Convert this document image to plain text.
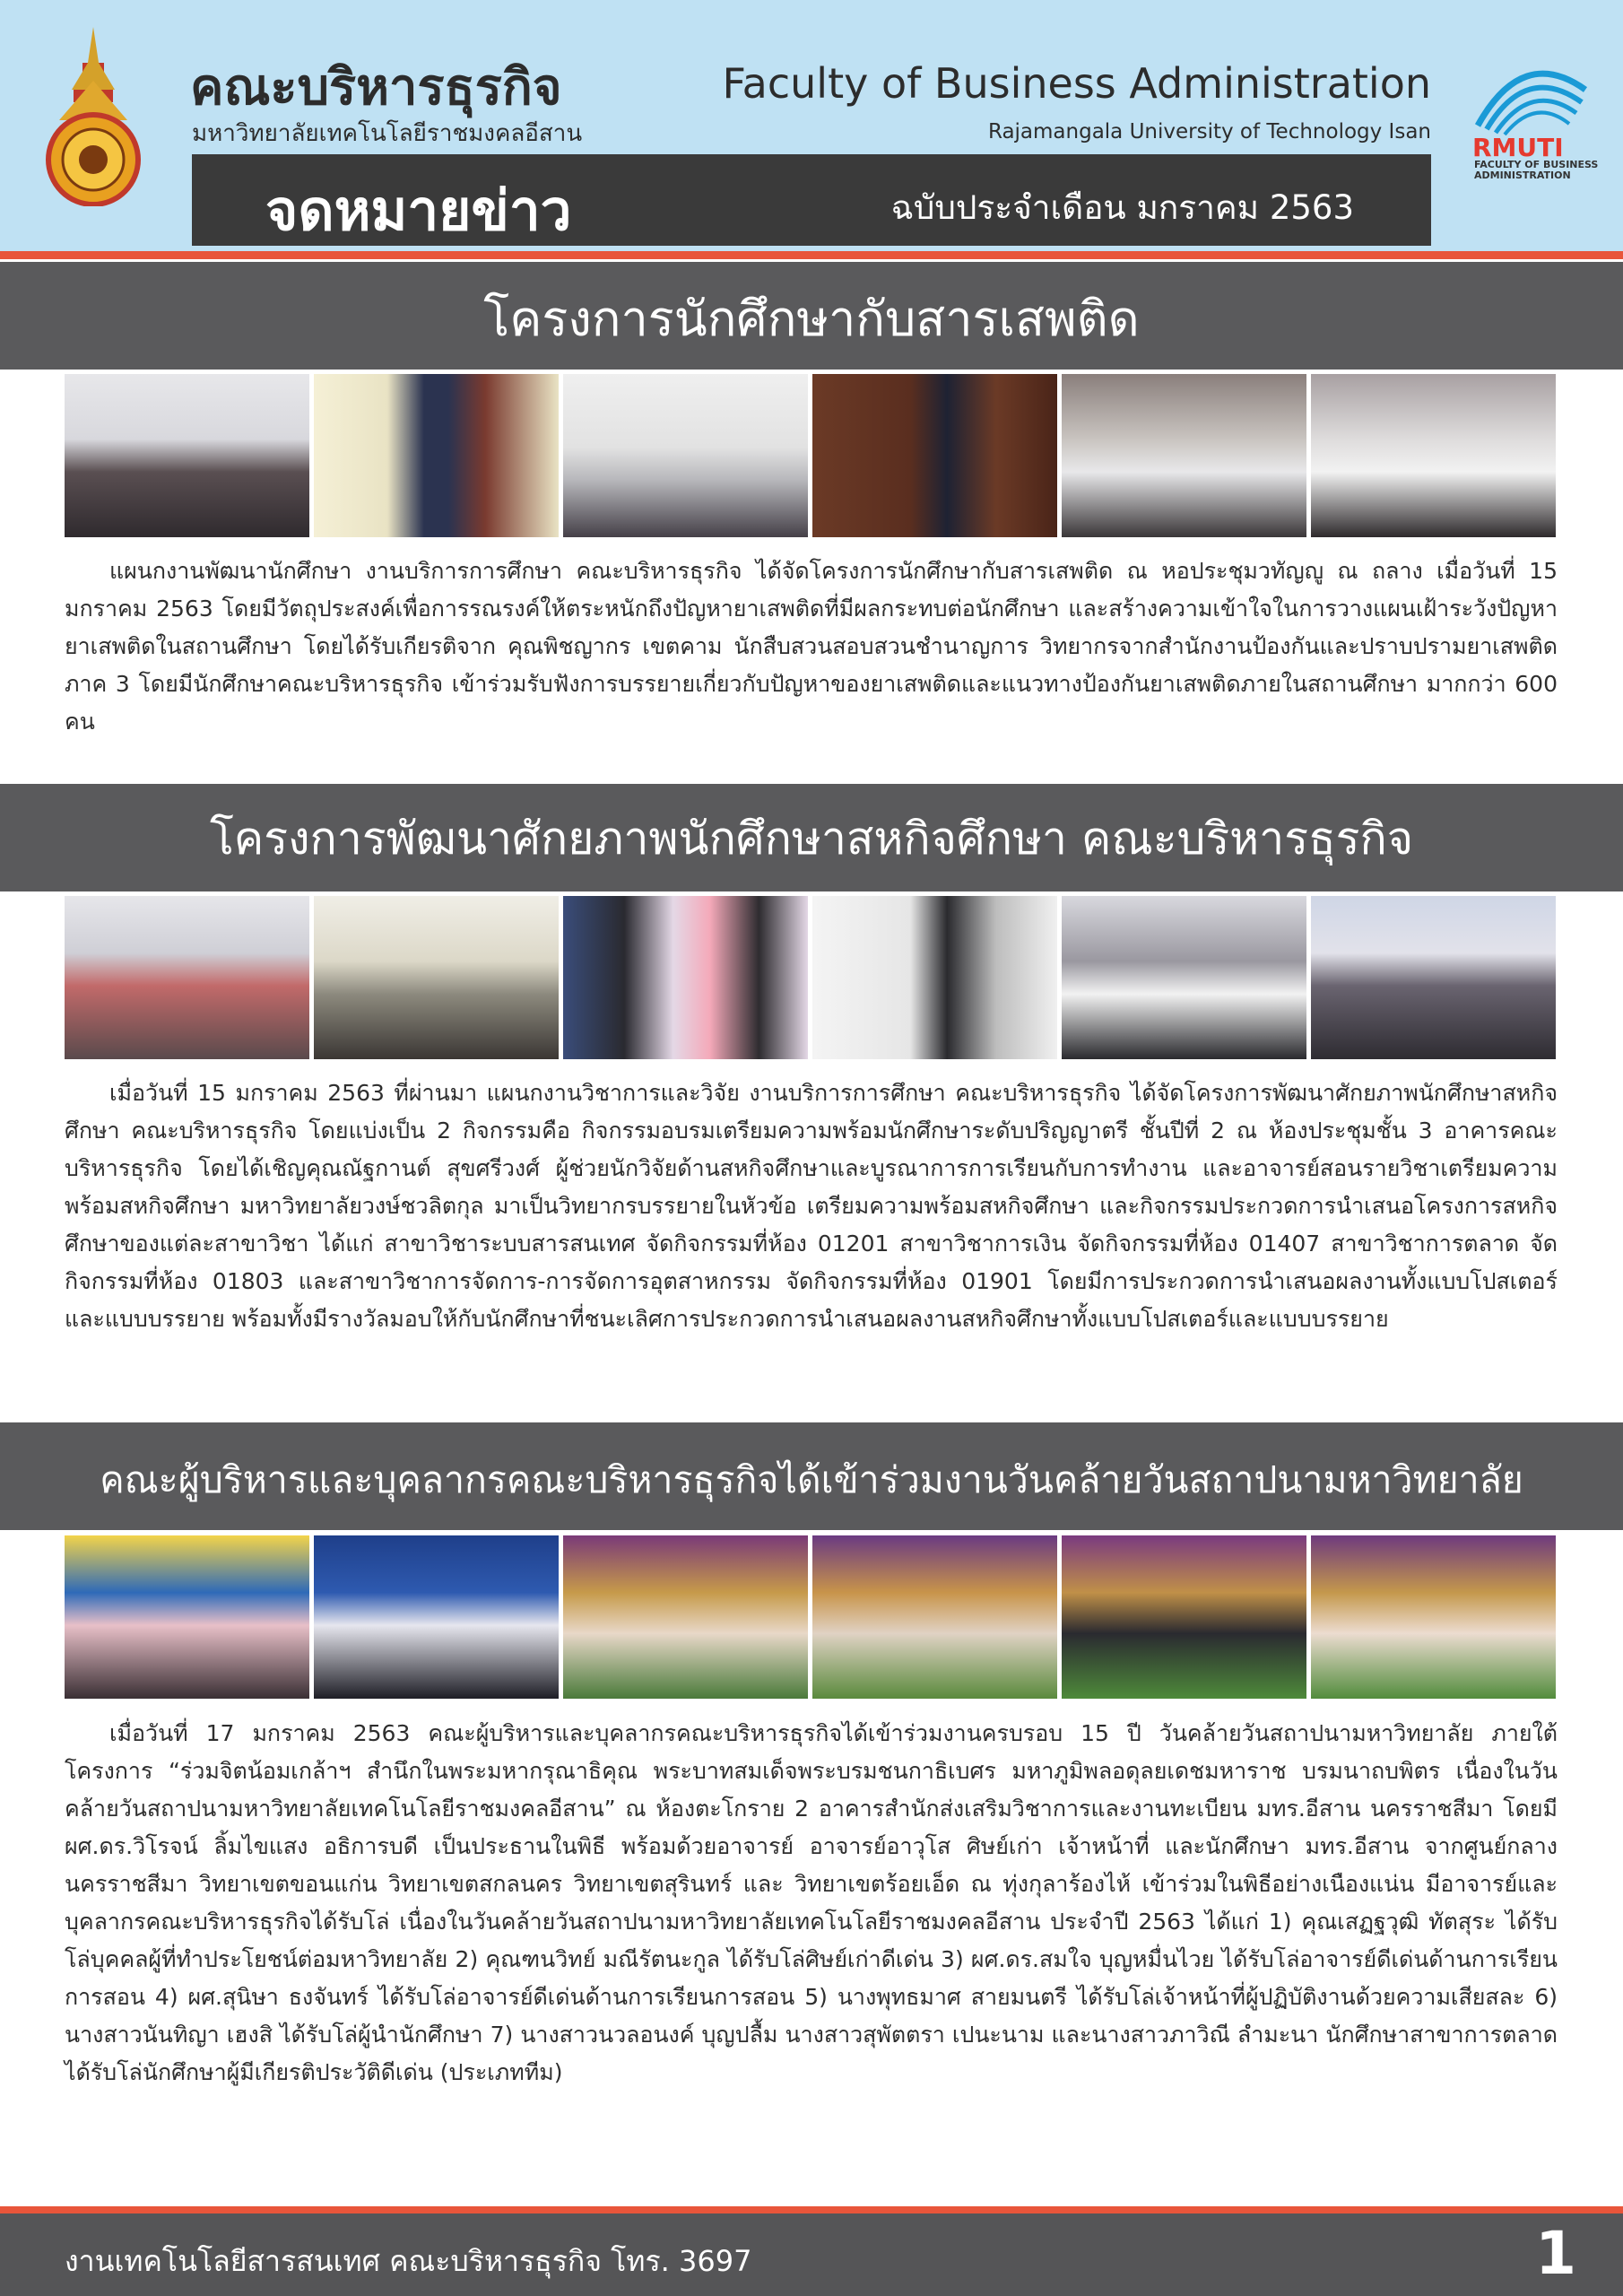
คณะบริหารธุรกิจ
มหาวิทยาลัยเทคโนโลยีราชมงคลอีสาน
Faculty of Business Administration
Rajamangala University of Technology Isan
จดหมายข่าว	ฉบับประจำเดือน มกราคม 2563
RMUTI
FACULTY OF BUSINESS ADMINISTRATION
โครงการนักศึกษากับสารเสพติด

แผนกงานพัฒนานักศึกษา งานบริการการศึกษา คณะบริหารธุรกิจ ได้จัดโครงการนักศึกษากับสารเสพติด ณ หอประชุมวทัญญู ณ ถลาง เมื่อวันที่ 15 มกราคม 2563 โดยมีวัตถุประสงค์เพื่อการรณรงค์ให้ตระหนักถึงปัญหายาเสพติดที่มีผลกระทบต่อนักศึกษา และสร้างความเข้าใจในการวางแผนเฝ้าระวังปัญหายาเสพติดในสถานศึกษา โดยได้รับเกียรติจาก คุณพิชญากร เขตคาม นักสืบสวนสอบสวนชำนาญการ วิทยากรจากสำนักงานป้องกันและปราบปรามยาเสพติด ภาค 3 โดยมีนักศึกษาคณะบริหารธุรกิจ เข้าร่วมรับฟังการบรรยายเกี่ยวกับปัญหาของยาเสพติดและแนวทางป้องกันยาเสพติดภายในสถานศึกษา มากกว่า 600 คน

โครงการพัฒนาศักยภาพนักศึกษาสหกิจศึกษา คณะบริหารธุรกิจ

เมื่อวันที่ 15 มกราคม 2563 ที่ผ่านมา แผนกงานวิชาการและวิจัย งานบริการการศึกษา คณะบริหารธุรกิจ ได้จัดโครงการพัฒนาศักยภาพนักศึกษาสหกิจศึกษา คณะบริหารธุรกิจ โดยแบ่งเป็น 2 กิจกรรมคือ กิจกรรมอบรมเตรียมความพร้อมนักศึกษาระดับปริญญาตรี ชั้นปีที่ 2 ณ ห้องประชุมชั้น 3 อาคารคณะบริหารธุรกิจ โดยได้เชิญคุณณัฐกานต์ สุขศรีวงศ์ ผู้ช่วยนักวิจัยด้านสหกิจศึกษาและบูรณาการการเรียนกับการทำงาน และอาจารย์สอนรายวิชาเตรียมความพร้อมสหกิจศึกษา มหาวิทยาลัยวงษ์ชวลิตกุล มาเป็นวิทยากรบรรยายในหัวข้อ เตรียมความพร้อมสหกิจศึกษา และกิจกรรมประกวดการนำเสนอโครงการสหกิจศึกษาของแต่ละสาขาวิชา ได้แก่ สาขาวิชาระบบสารสนเทศ จัดกิจกรรมที่ห้อง 01201 สาขาวิชาการเงิน จัดกิจกรรมที่ห้อง 01407 สาขาวิชาการตลาด จัดกิจกรรมที่ห้อง 01803 และสาขาวิชาการจัดการ-การจัดการอุตสาหกรรม จัดกิจกรรมที่ห้อง 01901 โดยมีการประกวดการนำเสนอผลงานทั้งแบบโปสเตอร์และแบบบรรยาย พร้อมทั้งมีรางวัลมอบให้กับนักศึกษาที่ชนะเลิศการประกวดการนำเสนอผลงานสหกิจศึกษาทั้งแบบโปสเตอร์และแบบบรรยาย

คณะผู้บริหารและบุคลากรคณะบริหารธุรกิจได้เข้าร่วมงานวันคล้ายวันสถาปนามหาวิทยาลัย

เมื่อวันที่ 17 มกราคม 2563 คณะผู้บริหารและบุคลากรคณะบริหารธุรกิจได้เข้าร่วมงานครบรอบ 15 ปี วันคล้ายวันสถาปนามหาวิทยาลัย ภายใต้โครงการ “ร่วมจิตน้อมเกล้าฯ สำนึกในพระมหากรุณาธิคุณ พระบาทสมเด็จพระบรมชนกาธิเบศร มหาภูมิพลอดุลยเดชมหาราช บรมนาถบพิตร เนื่องในวันคล้ายวันสถาปนามหาวิทยาลัยเทคโนโลยีราชมงคลอีสาน” ณ ห้องตะโกราย 2 อาคารสำนักส่งเสริมวิชาการและงานทะเบียน มทร.อีสาน นครราชสีมา โดยมี ผศ.ดร.วิโรจน์ ลิ้มไขแสง อธิการบดี เป็นประธานในพิธี พร้อมด้วยอาจารย์ อาจารย์อาวุโส ศิษย์เก่า เจ้าหน้าที่ และนักศึกษา มทร.อีสาน จากศูนย์กลางนครราชสีมา วิทยาเขตขอนแก่น วิทยาเขตสกลนคร วิทยาเขตสุรินทร์ และ วิทยาเขตร้อยเอ็ด ณ ทุ่งกุลาร้องไห้ เข้าร่วมในพิธีอย่างเนืองแน่น มีอาจารย์และบุคลากรคณะบริหารธุรกิจได้รับโล่ เนื่องในวันคล้ายวันสถาปนามหาวิทยาลัยเทคโนโลยีราชมงคลอีสาน ประจำปี 2563 ได้แก่ 1) คุณเสฏฐวุฒิ ทัตสุระ ได้รับโล่บุคคลผู้ที่ทำประโยชน์ต่อมหาวิทยาลัย 2) คุณฑนวิทย์ มณีรัตนะกูล ได้รับโล่ศิษย์เก่าดีเด่น 3) ผศ.ดร.สมใจ บุญหมื่นไวย ได้รับโล่อาจารย์ดีเด่นด้านการเรียนการสอน 4) ผศ.สุนิษา ธงจันทร์ ได้รับโล่อาจารย์ดีเด่นด้านการเรียนการสอน 5) นางพุทธมาศ สายมนตรี ได้รับโล่เจ้าหน้าที่ผู้ปฏิบัติงานด้วยความเสียสละ 6) นางสาวนันทิญา เฮงสิ ได้รับโล่ผู้นำนักศึกษา 7) นางสาวนวลอนงค์ บุญปลื้ม นางสาวสุพัตตรา เปนะนาม และนางสาวภาวิณี ลำมะนา นักศึกษาสาขาการตลาด ได้รับโล่นักศึกษาผู้มีเกียรติประวัติดีเด่น (ประเภททีม)

งานเทคโนโลยีสารสนเทศ คณะบริหารธุรกิจ โทร. 3697	1
